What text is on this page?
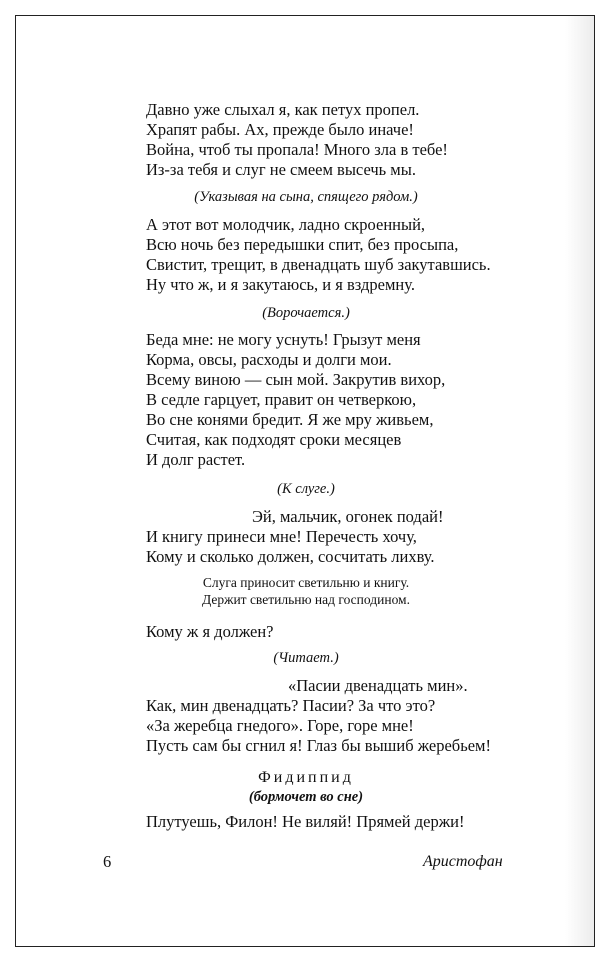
Давно уже слыхал я, как петух пропел.
Храпят рабы. Ах, прежде было иначе!
Война, чтоб ты пропала! Много зла в тебе!
Из-за тебя и слуг не смеем высечь мы.
(Указывая на сына, спящего рядом.)
А этот вот молодчик, ладно скроенный,
Всю ночь без передышки спит, без просыпа,
Свистит, трещит, в двенадцать шуб закутавшись.
Ну что ж, и я закутаюсь, и я вздремну.
(Ворочается.)
Беда мне: не могу уснуть! Грызут меня
Корма, овсы, расходы и долги мои.
Всему виною — сын мой. Закрутив вихор,
В седле гарцует, правит он четверкою,
Во сне конями бредит. Я же мру живьем,
Считая, как подходят сроки месяцев
И долг растет.
(К слуге.)
Эй, мальчик, огонек подай!
И книгу принеси мне! Перечесть хочу,
Кому и сколько должен, сосчитать лихву.
Слуга приносит светильню и книгу.
Держит светильню над господином.
Кому ж я должен?
(Читает.)
«Пасии двенадцать мин».
Как, мин двенадцать? Пасии? За что это?
«За жеребца гнедого». Горе, горе мне!
Пусть сам бы сгнил я! Глаз бы вышиб жеребьем!
Фидиппид
(бормочет во сне)
Плутуешь, Филон! Не виляй! Прямей держи!
6	Аристофан
